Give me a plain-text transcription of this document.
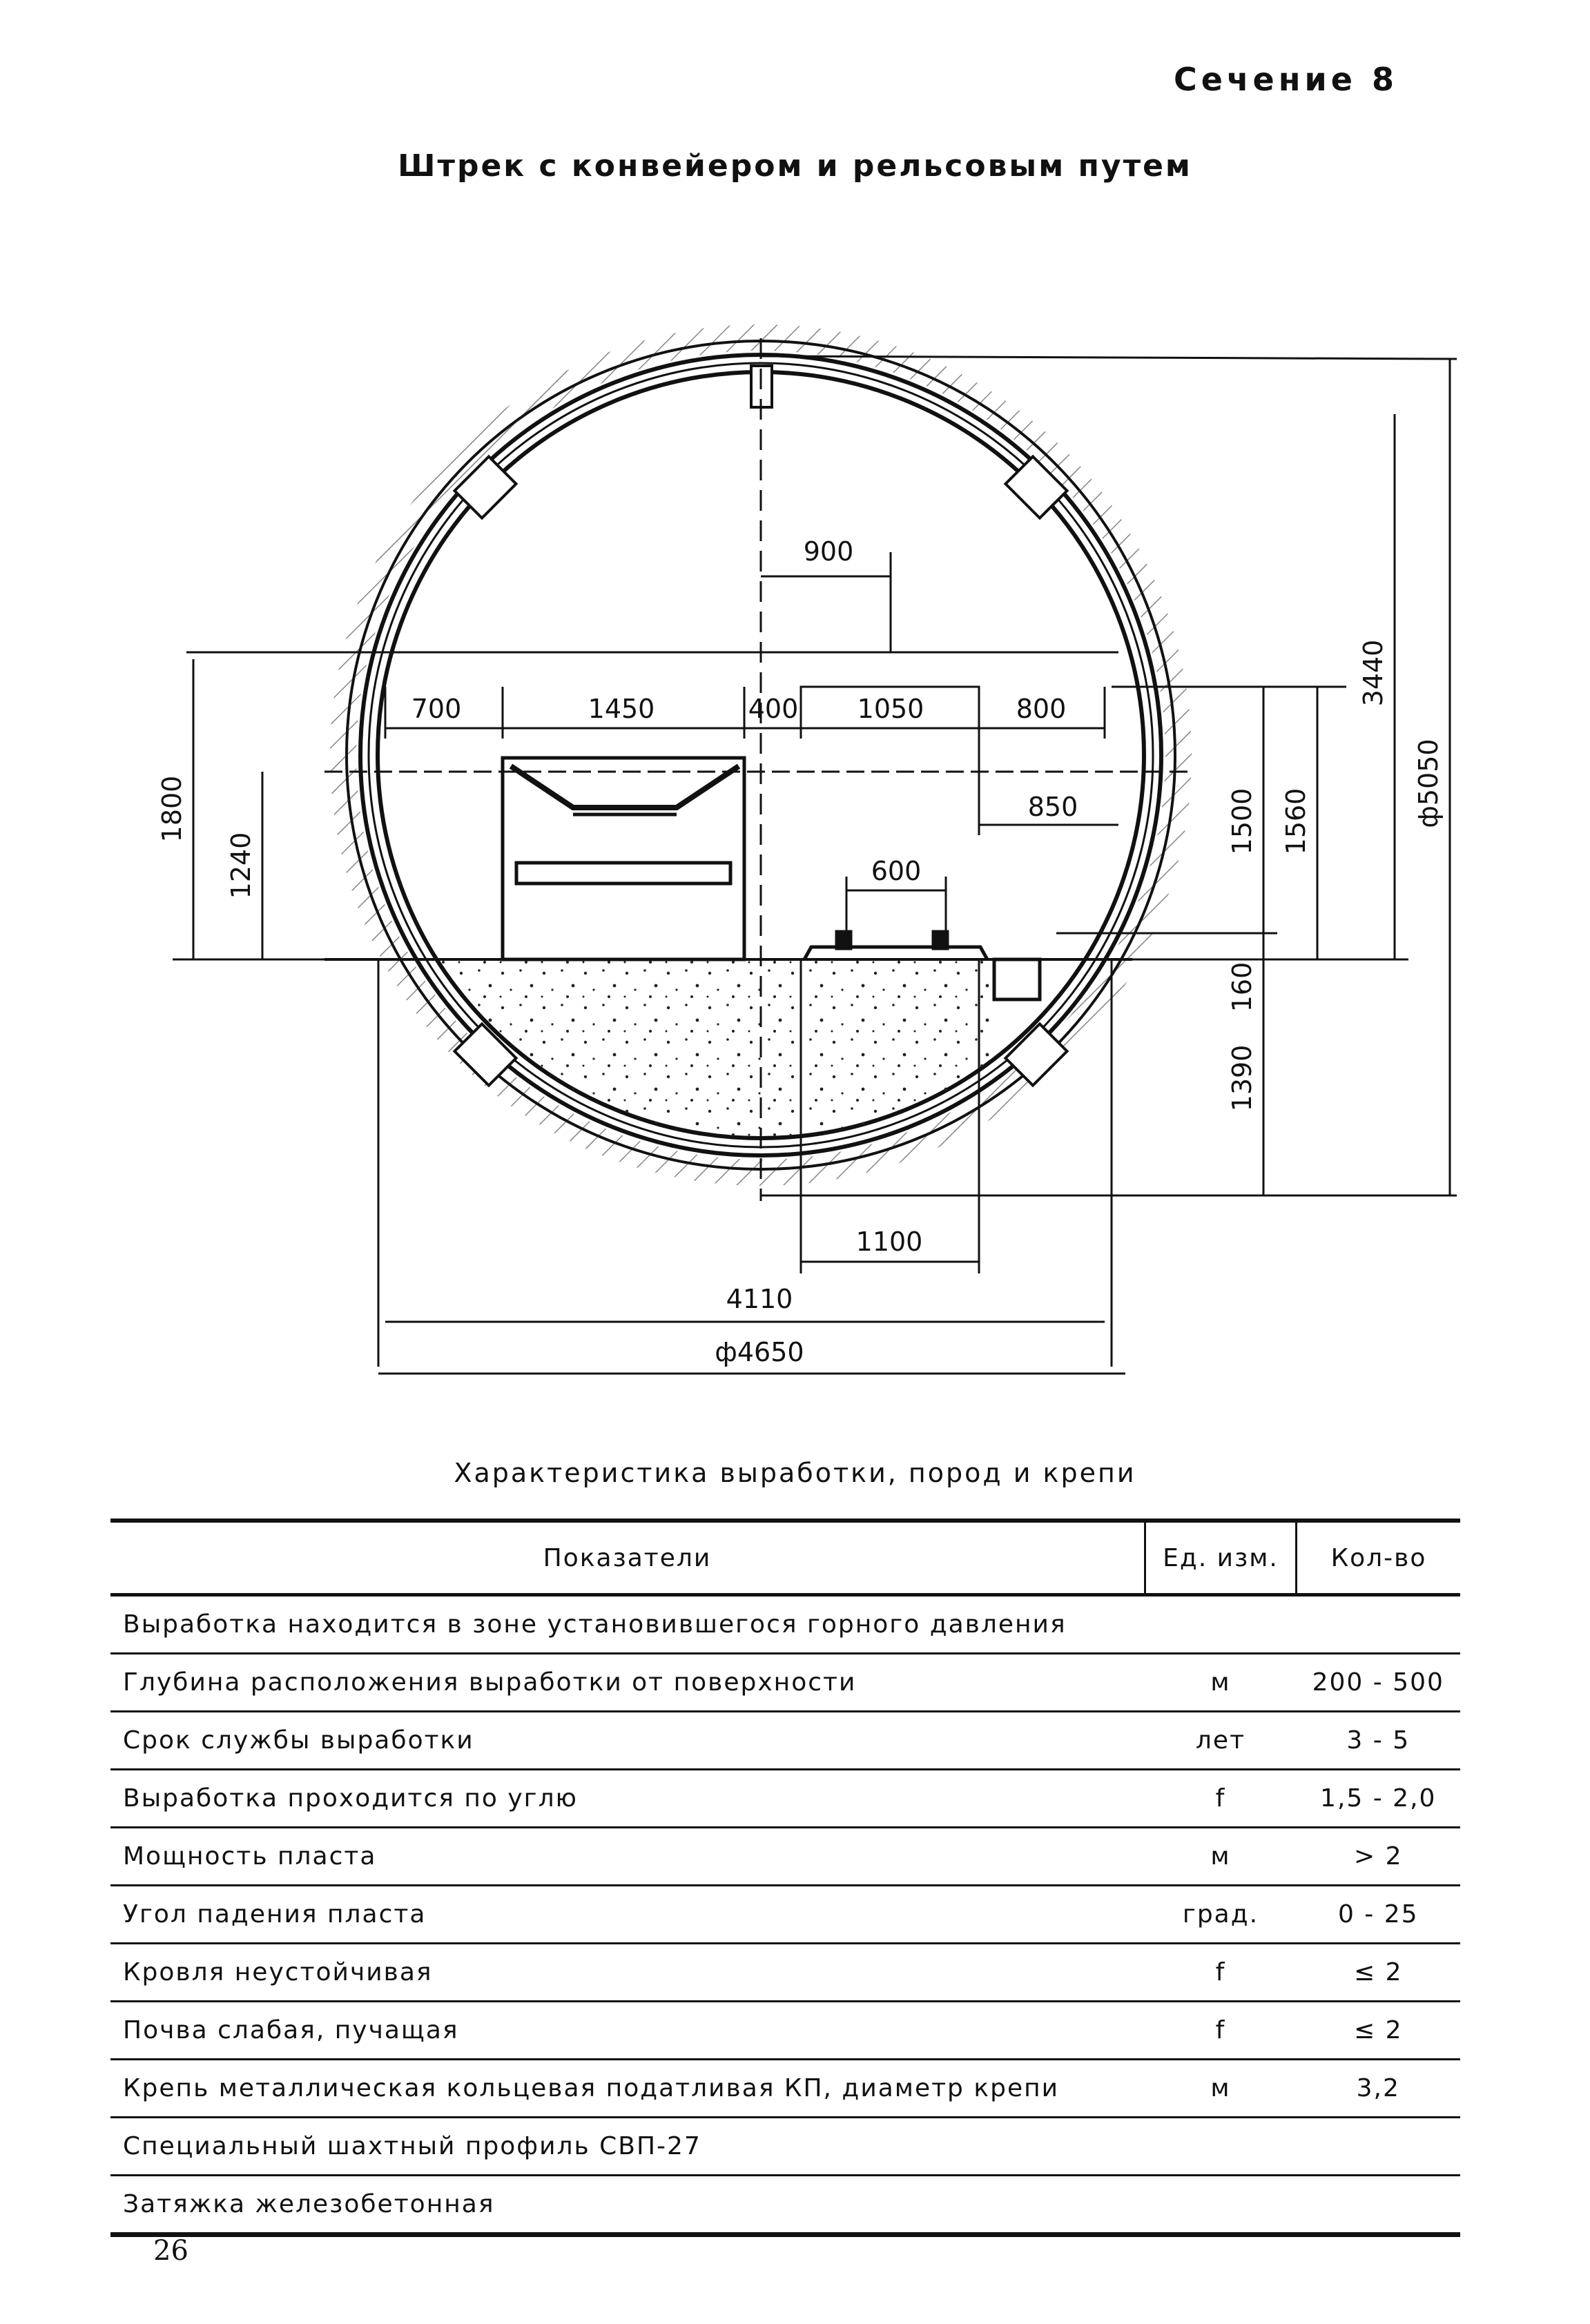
Сечение 8
Штрек с конвейером и рельсовым путем
900
700	1450	400 1050	800
850
600
1800
1240
1500 1560
3440
ф5050
160
1390
1100
4110
ф4650
Характеристика выработки, пород и крепи
Показатели	Ед. изм.	Кол-во
Выработка находится в зоне установившегося горного давления		
Глубина расположения выработки от поверхности	м	200 - 500
Срок службы выработки	лет	3 - 5
Выработка проходится по углю	f	1,5 - 2,0
Мощность пласта	м	> 2
Угол падения пласта	град.	0 - 25
Кровля неустойчивая	f	≤ 2
Почва слабая, пучащая	f	≤ 2
Крепь металлическая кольцевая податливая КП, диаметр крепи	м	3,2
Специальный шахтный профиль СВП-27		
Затяжка железобетонная		
26
